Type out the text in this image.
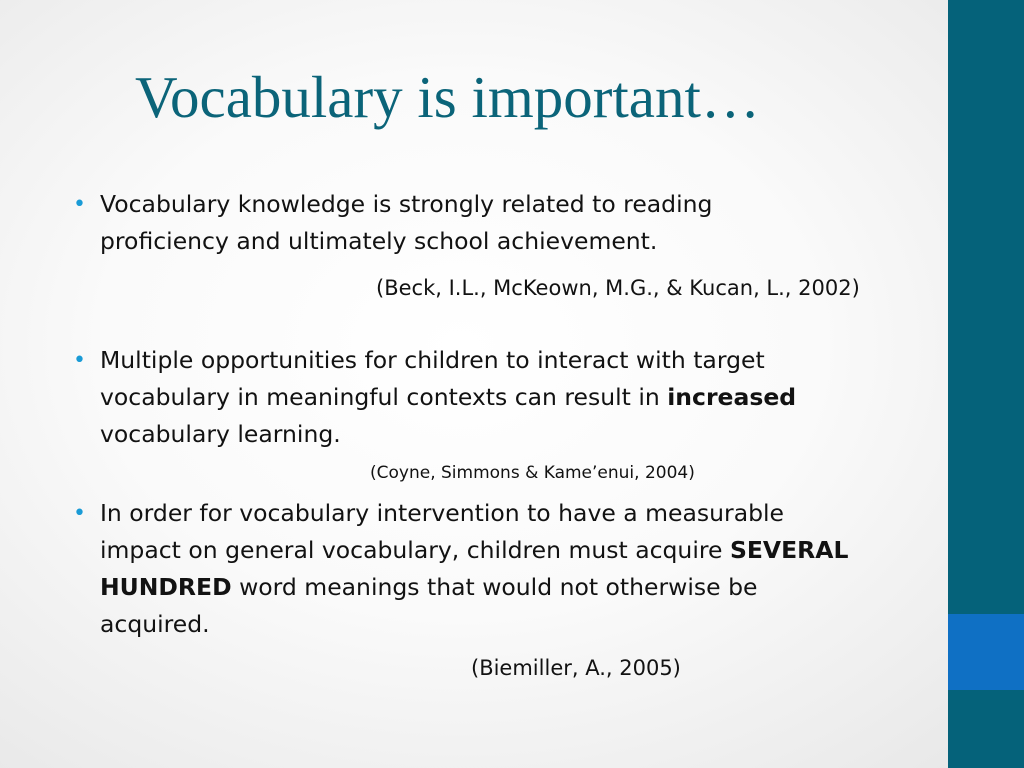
Vocabulary is important…
• Vocabulary knowledge is strongly related to reading
proficiency and ultimately school achievement.
(Beck, I.L., McKeown, M.G., & Kucan, L., 2002)
• Multiple opportunities for children to interact with target
vocabulary in meaningful contexts can result in increased
vocabulary learning.
(Coyne, Simmons & Kame’enui, 2004)
• In order for vocabulary intervention to have a measurable
impact on general vocabulary, children must acquire SEVERAL
HUNDRED word meanings that would not otherwise be
acquired.
(Biemiller, A., 2005)
